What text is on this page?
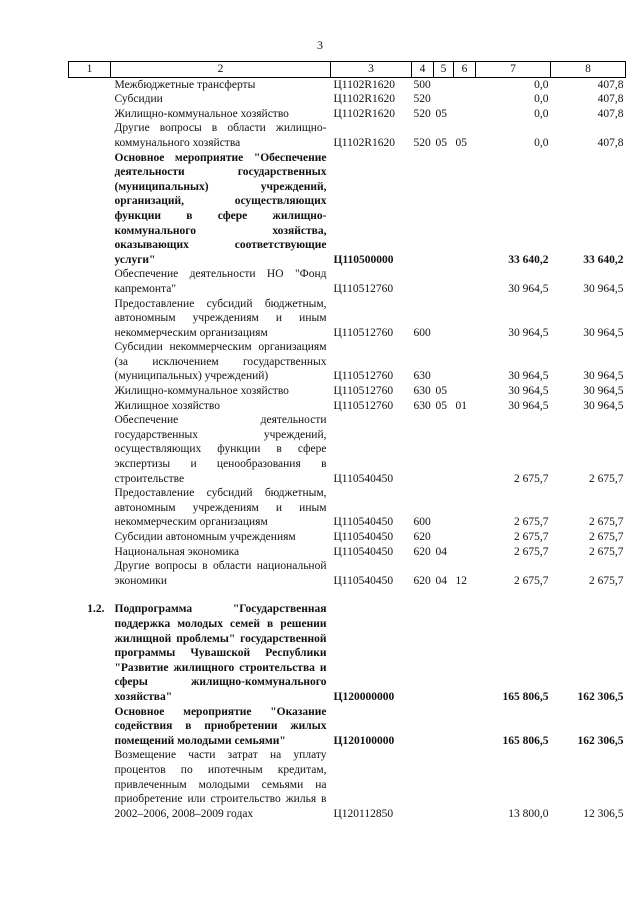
3
1	2	3	4	5	6	7	8
	Межбюджетные трансферты	Ц1102R1620	500			0,0	407,8
	Субсидии	Ц1102R1620	520			0,0	407,8
	Жилищно-коммунальное хозяйство	Ц1102R1620	520	05		0,0	407,8
	Другие вопросы в области жилищно-коммунального хозяйства	Ц1102R1620	520	05	05	0,0	407,8
	Основное мероприятие "Обеспечение деятельности государственных (муниципальных) учреждений, организаций, осуществляющих функции в сфере жилищно-коммунального хозяйства, оказывающих соответствующие услуги"	Ц110500000				33 640,2	33 640,2
	Обеспечение деятельности НО "Фонд капремонта"	Ц110512760				30 964,5	30 964,5
	Предоставление субсидий бюджетным, автономным учреждениям и иным некоммерческим организациям	Ц110512760	600			30 964,5	30 964,5
	Субсидии некоммерческим организациям (за исключением государственных (муниципальных) учреждений)	Ц110512760	630			30 964,5	30 964,5
	Жилищно-коммунальное хозяйство	Ц110512760	630	05		30 964,5	30 964,5
	Жилищное хозяйство	Ц110512760	630	05	01	30 964,5	30 964,5
	Обеспечение деятельности государственных учреждений, осуществляющих функции в сфере экспертизы и ценообразования в строительстве	Ц110540450				2 675,7	2 675,7
	Предоставление субсидий бюджетным, автономным учреждениям и иным некоммерческим организациям	Ц110540450	600			2 675,7	2 675,7
	Субсидии автономным учреждениям	Ц110540450	620			2 675,7	2 675,7
	Национальная экономика	Ц110540450	620	04		2 675,7	2 675,7
	Другие вопросы в области национальной экономики	Ц110540450	620	04	12	2 675,7	2 675,7

1.2.	Подпрограмма "Государственная поддержка молодых семей в решении жилищной проблемы" государственной программы Чувашской Республики "Развитие жилищного строительства и сферы жилищно-коммунального хозяйства"	Ц120000000				165 806,5	162 306,5
	Основное мероприятие "Оказание содействия в приобретении жилых помещений молодыми семьями"	Ц120100000				165 806,5	162 306,5
	Возмещение части затрат на уплату процентов по ипотечным кредитам, привлеченным молодыми семьями на приобретение или строительство жилья в 2002–2006, 2008–2009 годах	Ц120112850				13 800,0	12 306,5
